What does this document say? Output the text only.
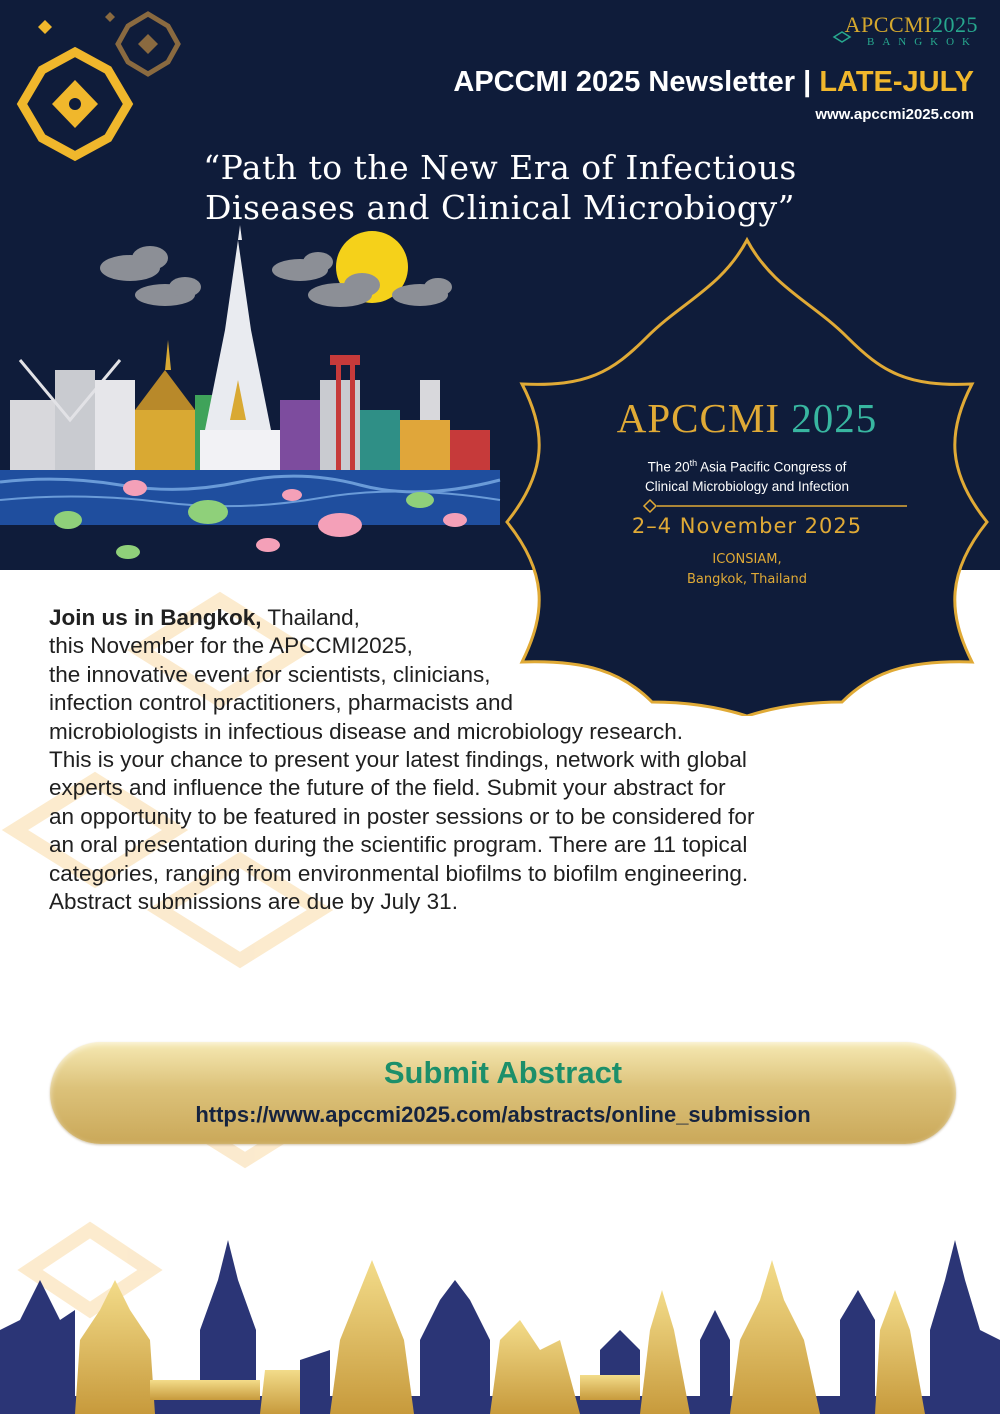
APCCMI2025
BANGKOK
APCCMI 2025 Newsletter | LATE-JULY
www.apccmi2025.com
“Path to the New Era of Infectious
Diseases and Clinical Microbiogy”
APCCMI 2025
The 20th Asia Pacific Congress of
Clinical Microbiology and Infection
2–4 November 2025
ICONSIAM,
Bangkok, Thailand
Join us in Bangkok, Thailand,
this November for the APCCMI2025,
the innovative event for scientists, clinicians,
infection control practitioners, pharmacists and
microbiologists in infectious disease and microbiology research.
This is your chance to present your latest findings, network with global
experts and influence the future of the field. Submit your abstract for
an opportunity to be featured in poster sessions or to be considered for
an oral presentation during the scientific program. There are 11 topical
categories, ranging from environmental biofilms to biofilm engineering.
Abstract submissions are due by July 31.
Submit Abstract
https://www.apccmi2025.com/abstracts/online_submission
